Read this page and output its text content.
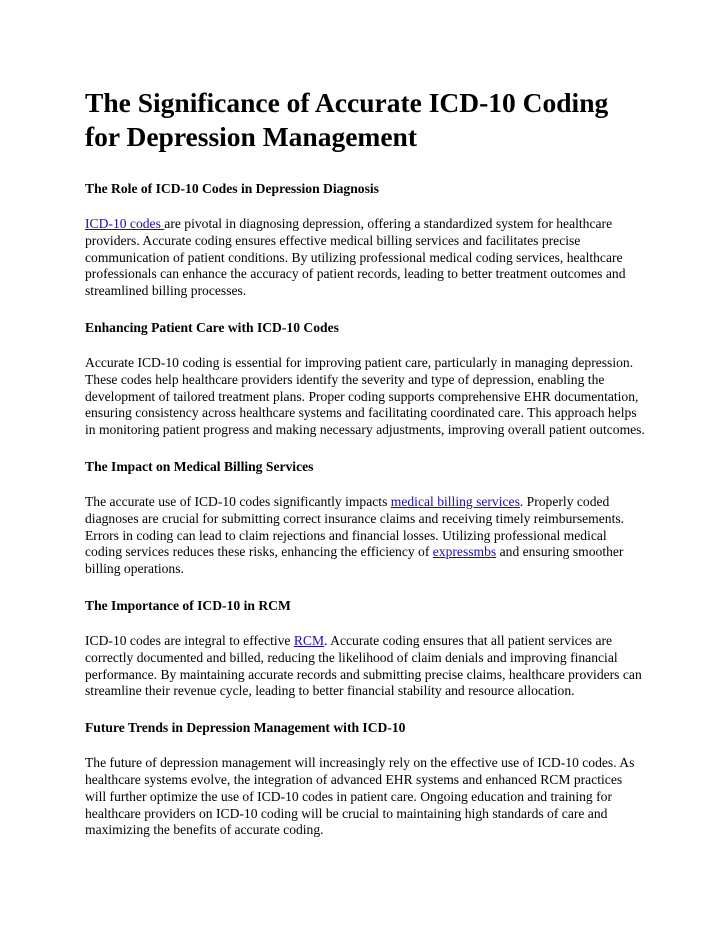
The Significance of Accurate ICD-10 Coding for Depression Management
The Role of ICD-10 Codes in Depression Diagnosis

ICD-10 codes are pivotal in diagnosing depression, offering a standardized system for healthcare providers. Accurate coding ensures effective medical billing services and facilitates precise communication of patient conditions. By utilizing professional medical coding services, healthcare professionals can enhance the accuracy of patient records, leading to better treatment outcomes and streamlined billing processes.

Enhancing Patient Care with ICD-10 Codes

Accurate ICD-10 coding is essential for improving patient care, particularly in managing depression. These codes help healthcare providers identify the severity and type of depression, enabling the development of tailored treatment plans. Proper coding supports comprehensive EHR documentation, ensuring consistency across healthcare systems and facilitating coordinated care. This approach helps in monitoring patient progress and making necessary adjustments, improving overall patient outcomes.

The Impact on Medical Billing Services

The accurate use of ICD-10 codes significantly impacts medical billing services. Properly coded diagnoses are crucial for submitting correct insurance claims and receiving timely reimbursements. Errors in coding can lead to claim rejections and financial losses. Utilizing professional medical coding services reduces these risks, enhancing the efficiency of expressmbs and ensuring smoother billing operations.

The Importance of ICD-10 in RCM

ICD-10 codes are integral to effective RCM. Accurate coding ensures that all patient services are correctly documented and billed, reducing the likelihood of claim denials and improving financial performance. By maintaining accurate records and submitting precise claims, healthcare providers can streamline their revenue cycle, leading to better financial stability and resource allocation.

Future Trends in Depression Management with ICD-10

The future of depression management will increasingly rely on the effective use of ICD-10 codes. As healthcare systems evolve, the integration of advanced EHR systems and enhanced RCM practices will further optimize the use of ICD-10 codes in patient care. Ongoing education and training for healthcare providers on ICD-10 coding will be crucial to maintaining high standards of care and maximizing the benefits of accurate coding.
